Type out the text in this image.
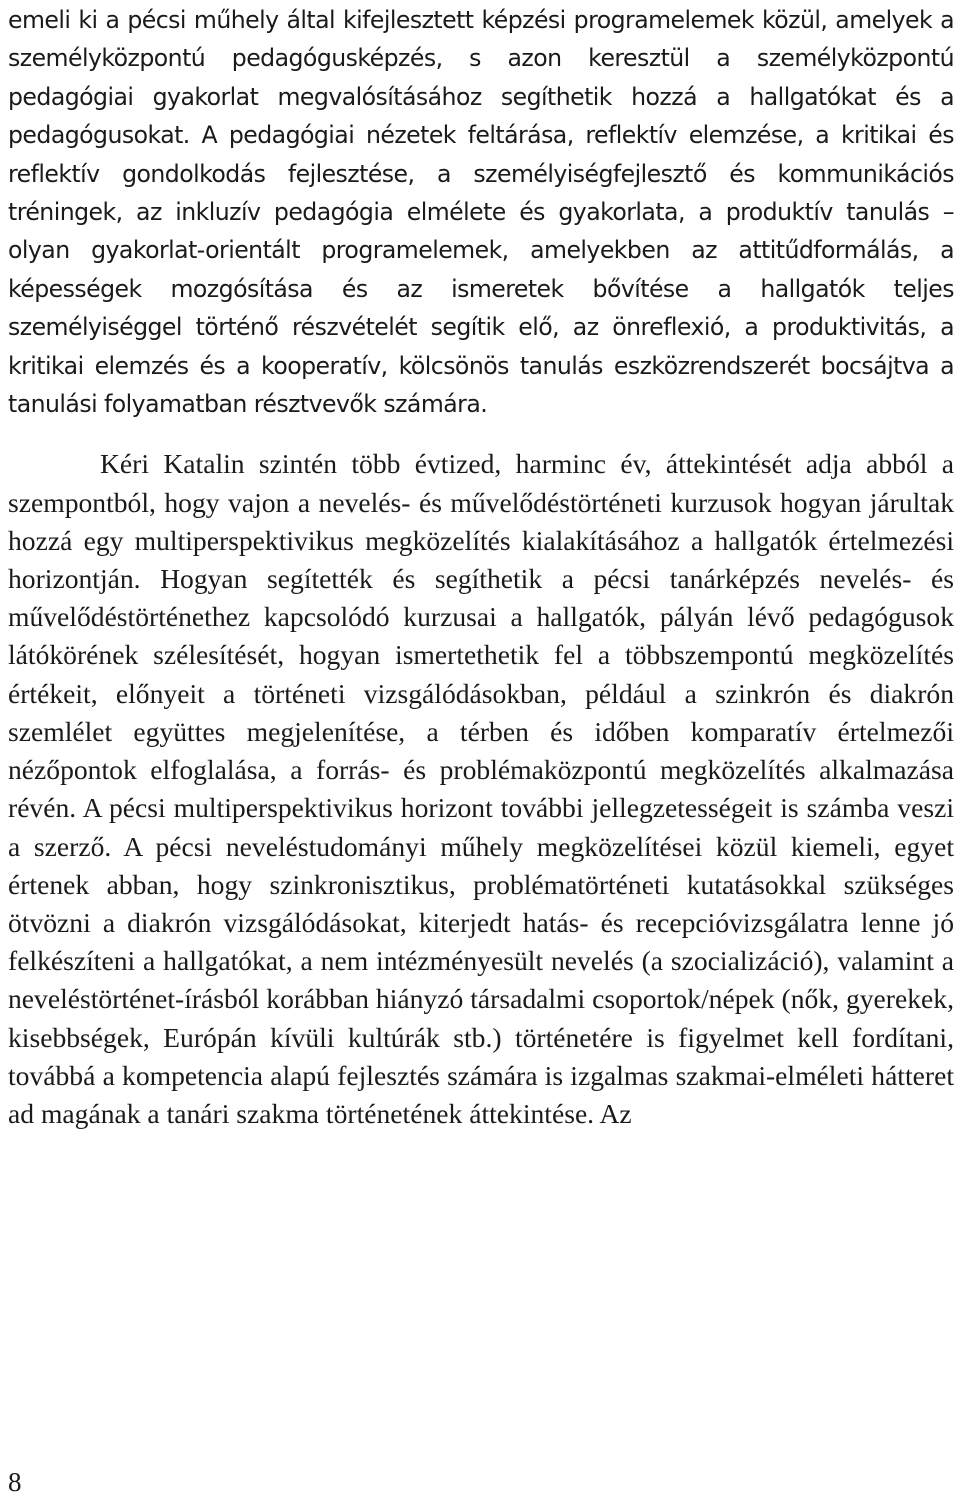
emeli ki a pécsi műhely által kifejlesztett képzési programelemek közül, amelyek a személyközpontú pedagógusképzés, s azon keresztül a személyközpontú pedagógiai gyakorlat megvalósításához segíthetik hozzá a hallgatókat és a pedagógusokat. A pedagógiai nézetek feltárása, reflektív elemzése, a kritikai és reflektív gondolkodás fejlesztése, a személyiségfejlesztő és kommunikációs tréningek, az inkluzív pedagógia elmélete és gyakorlata, a produktív tanulás – olyan gyakorlat-orientált programelemek, amelyekben az attitűdformálás, a képességek mozgósítása és az ismeretek bővítése a hallgatók teljes személyiséggel történő részvételét segítik elő, az önreflexió, a produktivitás, a kritikai elemzés és a kooperatív, kölcsönös tanulás eszközrendszerét bocsájtva a tanulási folyamatban résztvevők számára.

Kéri Katalin szintén több évtized, harminc év, áttekintését adja abból a szempontból, hogy vajon a nevelés- és művelődéstörténeti kurzusok hogyan járultak hozzá egy multiperspektivikus megközelítés kialakításához a hallgatók értelmezési horizontján. Hogyan segítették és segíthetik a pécsi tanárképzés nevelés- és művelődéstörténethez kapcsolódó kurzusai a hallgatók, pályán lévő pedagógusok látókörének szélesítését, hogyan ismertethetik fel a többszempontú megközelítés értékeit, előnyeit a történeti vizsgálódásokban, például a szinkrón és diakrón szemlélet együttes megjelenítése, a térben és időben komparatív értelmezői nézőpontok elfoglalása, a forrás- és problémaközpontú megközelítés alkalmazása révén. A pécsi multiperspektivikus horizont további jellegzetességeit is számba veszi a szerző. A pécsi neveléstudományi műhely megközelítései közül kiemeli, egyet értenek abban, hogy szinkronisztikus, problématörténeti kutatásokkal szükséges ötvözni a diakrón vizsgálódásokat, kiterjedt hatás- és recepcióvizsgálatra lenne jó felkészíteni a hallgatókat, a nem intézményesült nevelés (a szocializáció), valamint a neveléstörténet-írásból korábban hiányzó társadalmi csoportok/népek (nők, gyerekek, kisebbségek, Európán kívüli kultúrák stb.) történetére is figyelmet kell fordítani, továbbá a kompetencia alapú fejlesztés számára is izgalmas szakmai-elméleti hátteret ad magának a tanári szakma történetének áttekintése. Az

8
